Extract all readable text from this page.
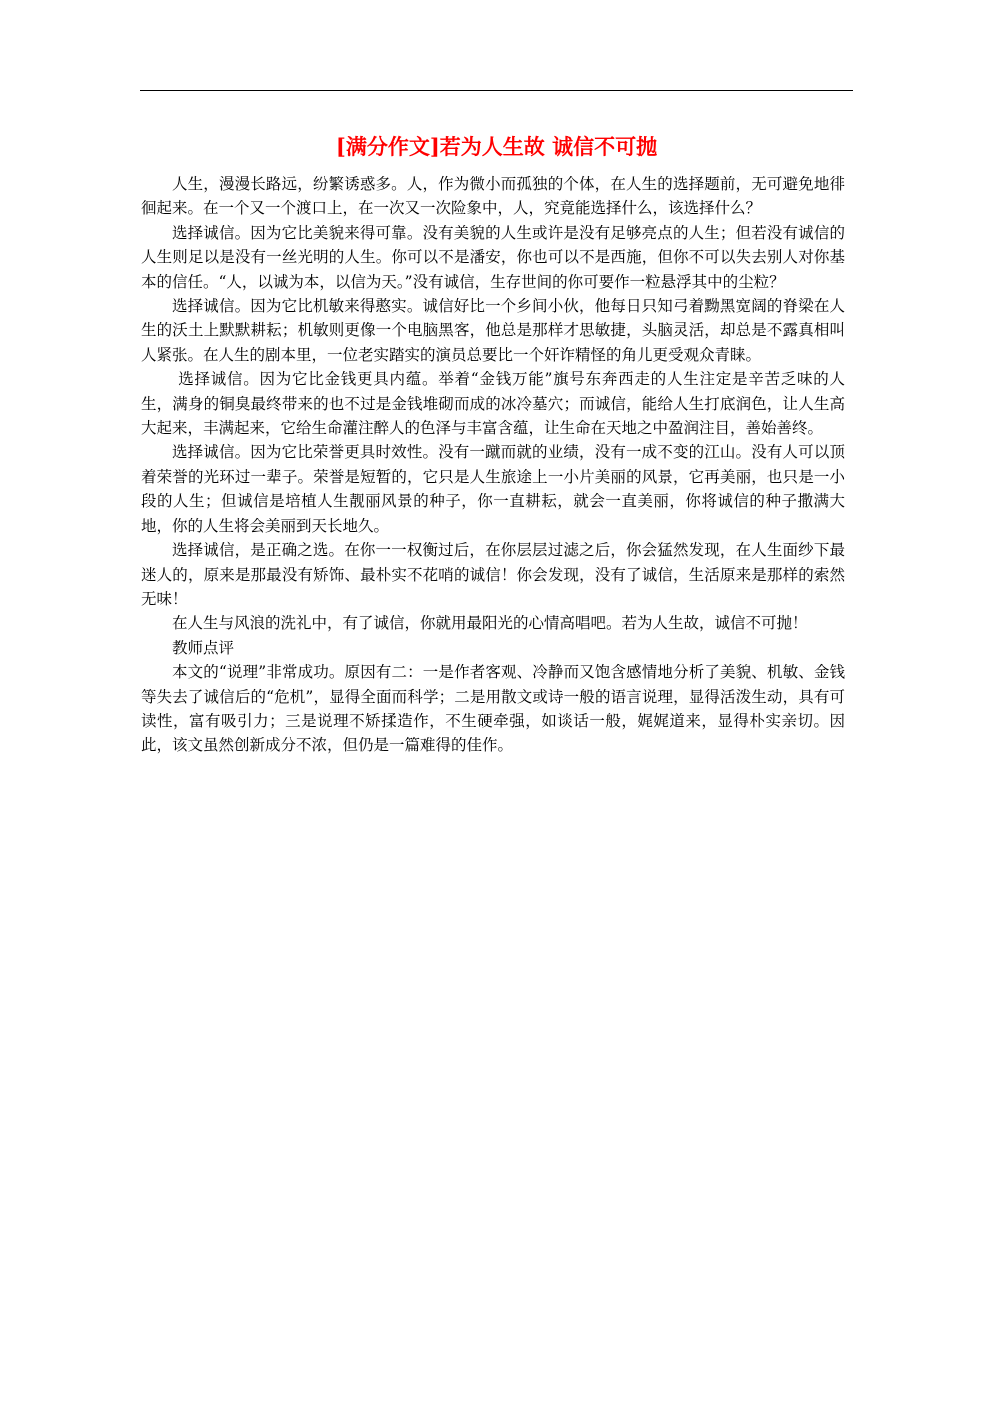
[满分作文]若为人生故 诚信不可抛

人生，漫漫长路远，纷繁诱惑多。人，作为微小而孤独的个体，在人生的选择题前，无可避免地徘徊起来。在一个又一个渡口上，在一次又一次险象中，人，究竟能选择什么，该选择什么？

选择诚信。因为它比美貌来得可靠。没有美貌的人生或许是没有足够亮点的人生；但若没有诚信的人生则足以是没有一丝光明的人生。你可以不是潘安，你也可以不是西施，但你不可以失去别人对你基本的信任。“人，以诚为本，以信为天。”没有诚信，生存世间的你可要作一粒悬浮其中的尘粒？

选择诚信。因为它比机敏来得憨实。诚信好比一个乡间小伙，他每日只知弓着黝黑宽阔的脊梁在人生的沃土上默默耕耘；机敏则更像一个电脑黑客，他总是那样才思敏捷，头脑灵活，却总是不露真相叫人紧张。在人生的剧本里，一位老实踏实的演员总要比一个奸诈精怪的角儿更受观众青睐。

选择诚信。因为它比金钱更具内蕴。举着“金钱万能”旗号东奔西走的人生注定是辛苦乏味的人生，满身的铜臭最终带来的也不过是金钱堆砌而成的冰冷墓穴；而诚信，能给人生打底润色，让人生高大起来，丰满起来，它给生命灌注醉人的色泽与丰富含蕴，让生命在天地之中盈润注目，善始善终。

选择诚信。因为它比荣誉更具时效性。没有一蹴而就的业绩，没有一成不变的江山。没有人可以顶着荣誉的光环过一辈子。荣誉是短暂的，它只是人生旅途上一小片美丽的风景，它再美丽，也只是一小段的人生；但诚信是培植人生靓丽风景的种子，你一直耕耘，就会一直美丽，你将诚信的种子撒满大地，你的人生将会美丽到天长地久。

选择诚信，是正确之选。在你一一权衡过后，在你层层过滤之后，你会猛然发现，在人生面纱下最迷人的，原来是那最没有矫饰、最朴实不花哨的诚信！你会发现，没有了诚信，生活原来是那样的索然无味！

在人生与风浪的洗礼中，有了诚信，你就用最阳光的心情高唱吧。若为人生故，诚信不可抛！

教师点评

本文的“说理”非常成功。原因有二：一是作者客观、冷静而又饱含感情地分析了美貌、机敏、金钱等失去了诚信后的“危机”，显得全面而科学；二是用散文或诗一般的语言说理，显得活泼生动，具有可读性，富有吸引力；三是说理不矫揉造作，不生硬牵强，如谈话一般，娓娓道来，显得朴实亲切。因此，该文虽然创新成分不浓，但仍是一篇难得的佳作。
